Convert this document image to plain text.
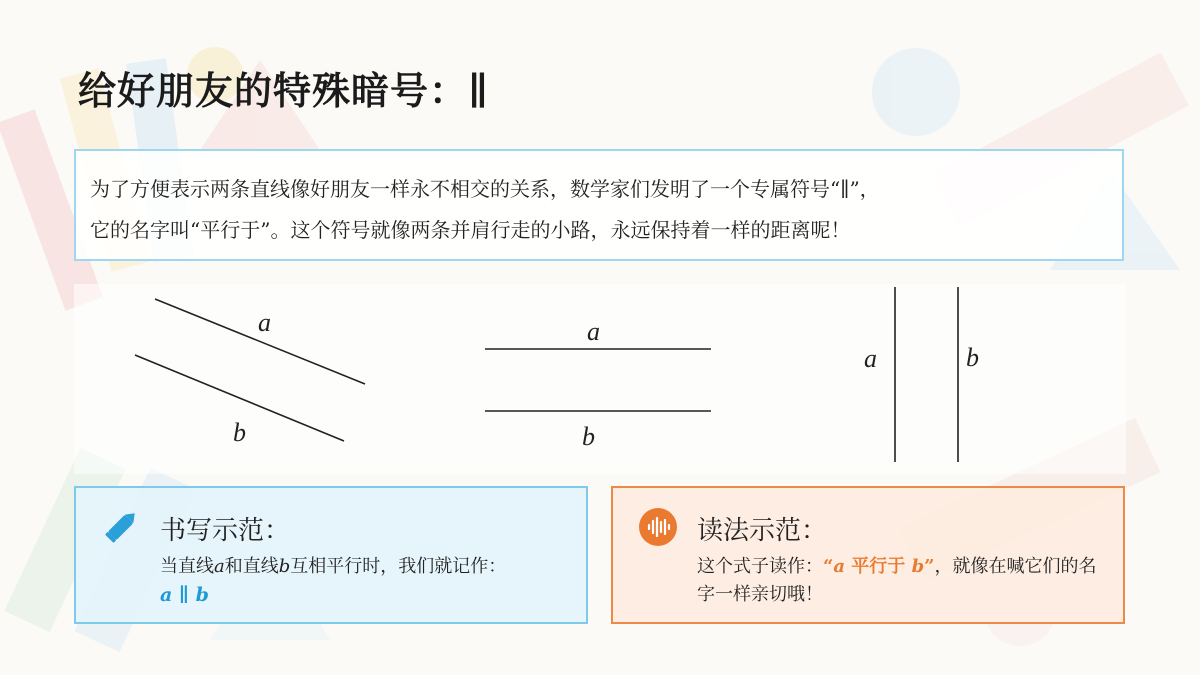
给好朋友的特殊暗号：∥

为了方便表示两条直线像好朋友一样永不相交的关系，数学家们发明了一个专属符号“∥”，

它的名字叫“平行于”。这个符号就像两条并肩行走的小路，永远保持着一样的距离呢！

a
b
a
b
a	b
书写示范：
当直线a和直线b互相平行时，我们就记作：
a ∥ b
读法示范：
这个式子读作：“a 平行于 b”，就像在喊它们的名字一样亲切哦！
